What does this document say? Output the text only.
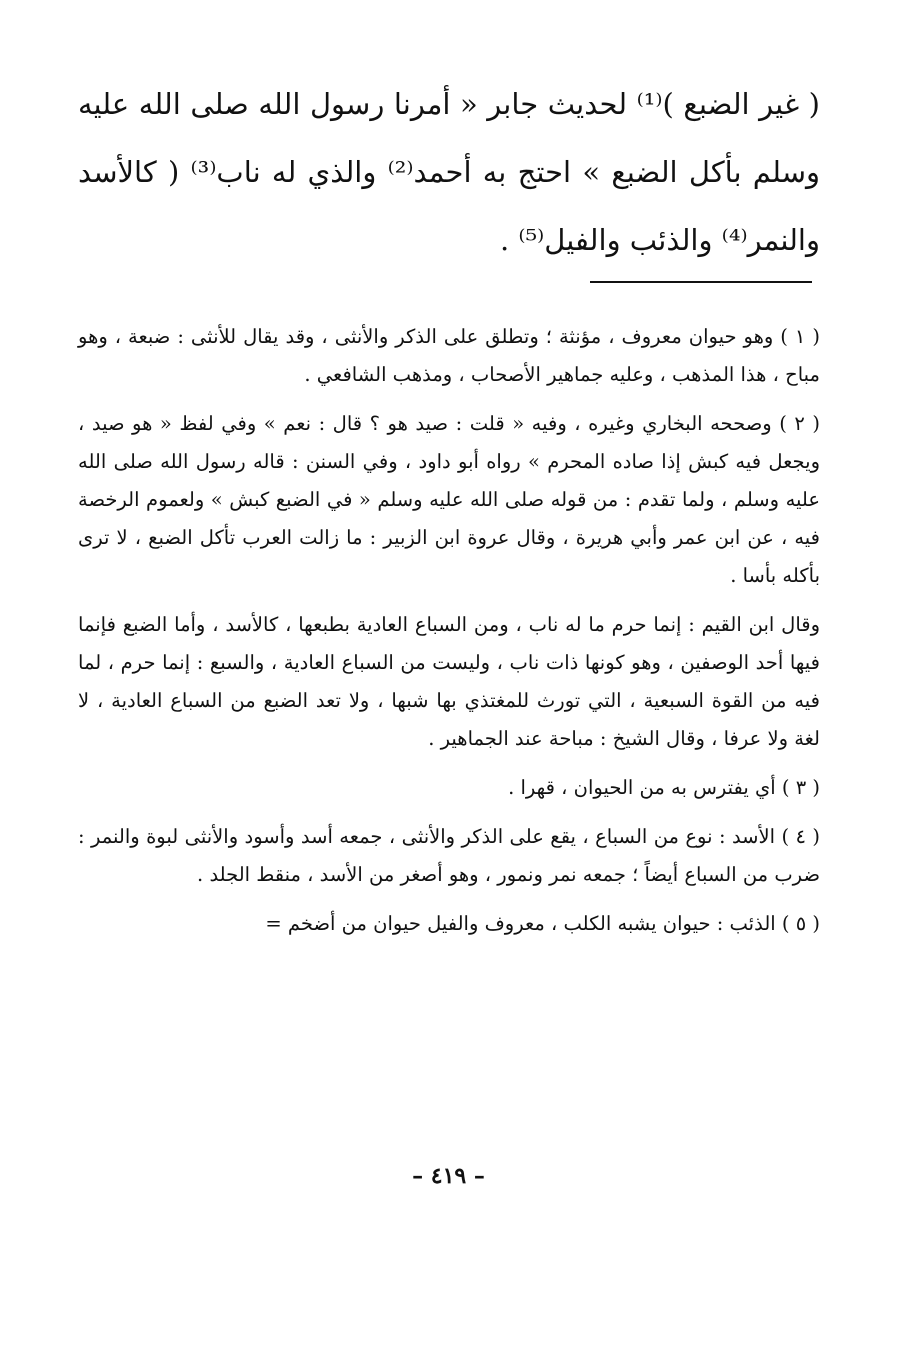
( غير الضبع )⁽¹⁾ لحديث جابر « أمرنا رسول الله صلى الله عليه وسلم بأكل الضبع » احتج به أحمد⁽²⁾ والذي له ناب⁽³⁾ ( كالأسد والنمر⁽⁴⁾ والذئب والفيل⁽⁵⁾ .

( ١ ) وهو حيوان معروف ، مؤنثة ؛ وتطلق على الذكر والأنثى ، وقد يقال للأنثى : ضبعة ، وهو مباح ، هذا المذهب ، وعليه جماهير الأصحاب ، ومذهب الشافعي .

( ٢ ) وصححه البخاري وغيره ، وفيه « قلت : صيد هو ؟ قال : نعم » وفي لفظ « هو صيد ، ويجعل فيه كبش إذا صاده المحرم » رواه أبو داود ، وفي السنن : قاله رسول الله صلى الله عليه وسلم ، ولما تقدم : من قوله صلى الله عليه وسلم « في الضبع كبش » ولعموم الرخصة فيه ، عن ابن عمر وأبي هريرة ، وقال عروة ابن الزبير : ما زالت العرب تأكل الضبع ، لا ترى بأكله بأسا .

وقال ابن القيم : إنما حرم ما له ناب ، ومن السباع العادية بطبعها ، كالأسد ، وأما الضبع فإنما فيها أحد الوصفين ، وهو كونها ذات ناب ، وليست من السباع العادية ، والسبع : إنما حرم ، لما فيه من القوة السبعية ، التي تورث للمغتذي بها شبها ، ولا تعد الضبع من السباع العادية ، لا لغة ولا عرفا ، وقال الشيخ : مباحة عند الجماهير .

( ٣ ) أي يفترس به من الحيوان ، قهرا .

( ٤ ) الأسد : نوع من السباع ، يقع على الذكر والأنثى ، جمعه أسد وأسود والأنثى لبوة والنمر : ضرب من السباع أيضاً ؛ جمعه نمر ونمور ، وهو أصغر من الأسد ، منقط الجلد .

( ٥ ) الذئب : حيوان يشبه الكلب ، معروف والفيل حيوان من أضخم =

– ٤١٩ –
